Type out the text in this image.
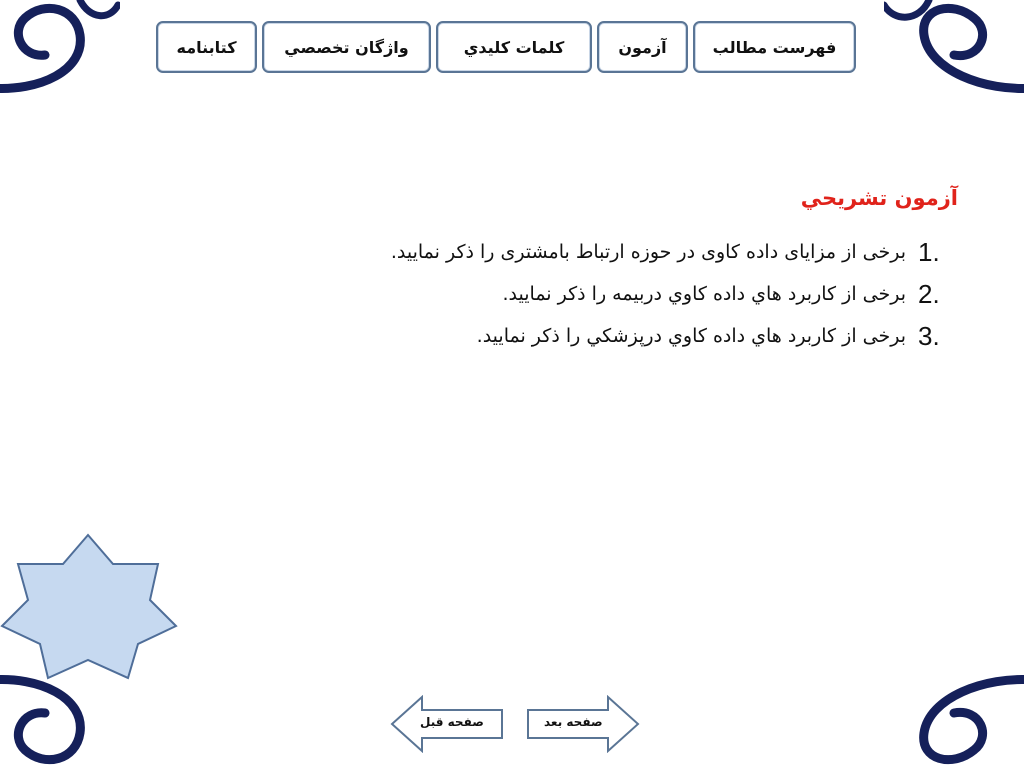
فهرست مطالب
آزمون
كلمات كليدي
واژگان تخصصي
کتابنامه
آزمون تشريحي
1.
برخی از مزایای داده کاوی در حوزه ارتباط بامشتری را ذکر نمایید.
2.
برخی از کاربرد هاي داده کاوي دربیمه را ذكر نمایید.
3.
برخی از کاربرد هاي داده کاوي درپزشكي را ذكر نمایید.
صفحه بعد
صفحه قبل
